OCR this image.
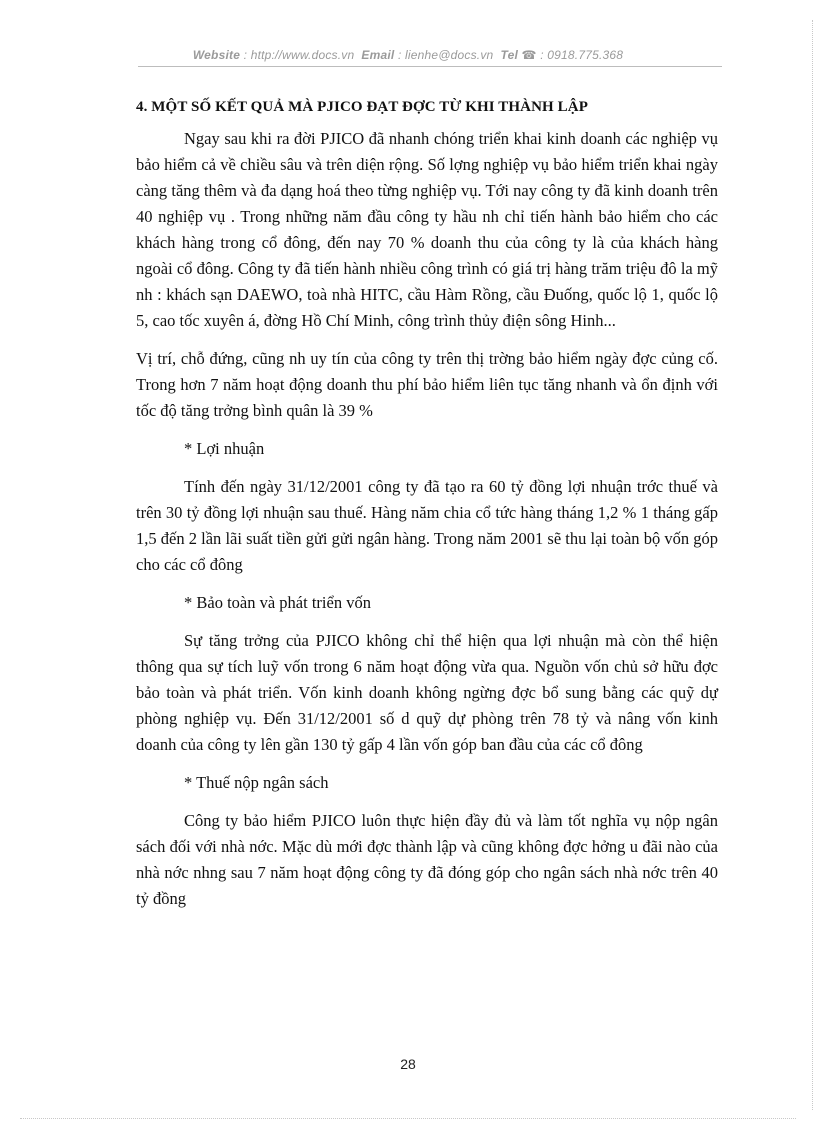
Website : http://www.docs.vn Email : lienhe@docs.vn Tel ☎ : 0918.775.368
4. MỘT SỐ KẾT QUẢ MÀ PJICO ĐẠT ĐỢC TỪ KHI THÀNH LẬP

Ngay sau khi ra đời PJICO đã nhanh chóng triển khai kinh doanh các nghiệp vụ bảo hiểm cả về chiều sâu và trên diện rộng. Số lợng nghiệp vụ bảo hiểm triển khai ngày càng tăng thêm và đa dạng hoá theo từng nghiệp vụ. Tới nay công ty đã kinh doanh trên 40 nghiệp vụ . Trong những năm đầu công ty hầu nh chỉ tiến hành bảo hiểm cho các khách hàng trong cổ đông, đến nay 70 % doanh thu của công ty là của khách hàng ngoài cổ đông. Công ty đã tiến hành nhiều công trình có giá trị hàng trăm triệu đô la mỹ nh : khách sạn DAEWO, toà nhà HITC, cầu Hàm Rồng, cầu Đuống, quốc lộ 1, quốc lộ 5, cao tốc xuyên á, đờng Hồ Chí Minh, công trình thủy điện sông Hinh...

Vị trí, chỗ đứng, cũng nh uy tín của công ty trên thị trờng bảo hiểm ngày đợc củng cố. Trong hơn 7 năm hoạt động doanh thu phí bảo hiểm liên tục tăng nhanh và ổn định với tốc độ tăng trởng bình quân là 39 %

* Lợi nhuận

Tính đến ngày 31/12/2001 công ty đã tạo ra 60 tỷ đồng lợi nhuận trớc thuế và trên 30 tỷ đồng lợi nhuận sau thuế. Hàng năm chia cổ tức hàng tháng 1,2 % 1 tháng gấp 1,5 đến 2 lần lãi suất tiền gửi gửi ngân hàng. Trong năm 2001 sẽ thu lại toàn bộ vốn góp cho các cổ đông

* Bảo toàn và phát triển vốn

Sự tăng trởng của PJICO không chỉ thể hiện qua lợi nhuận mà còn thể hiện thông qua sự tích luỹ vốn trong 6 năm hoạt động vừa qua. Nguồn vốn chủ sở hữu đợc bảo toàn và phát triển. Vốn kinh doanh không ngừng đợc bổ sung bằng các quỹ dự phòng nghiệp vụ. Đến 31/12/2001 số d quỹ dự phòng trên 78 tỷ và nâng vốn kinh doanh của công ty lên gần 130 tỷ gấp 4 lần vốn góp ban đầu của các cổ đông

* Thuế nộp ngân sách

Công ty bảo hiểm PJICO luôn thực hiện đầy đủ và làm tốt nghĩa vụ nộp ngân sách đối với nhà nớc. Mặc dù mới đợc thành lập và cũng không đợc hởng u đãi nào của nhà nớc nhng sau 7 năm hoạt động công ty đã đóng góp cho ngân sách nhà nớc trên 40 tỷ đồng

28
